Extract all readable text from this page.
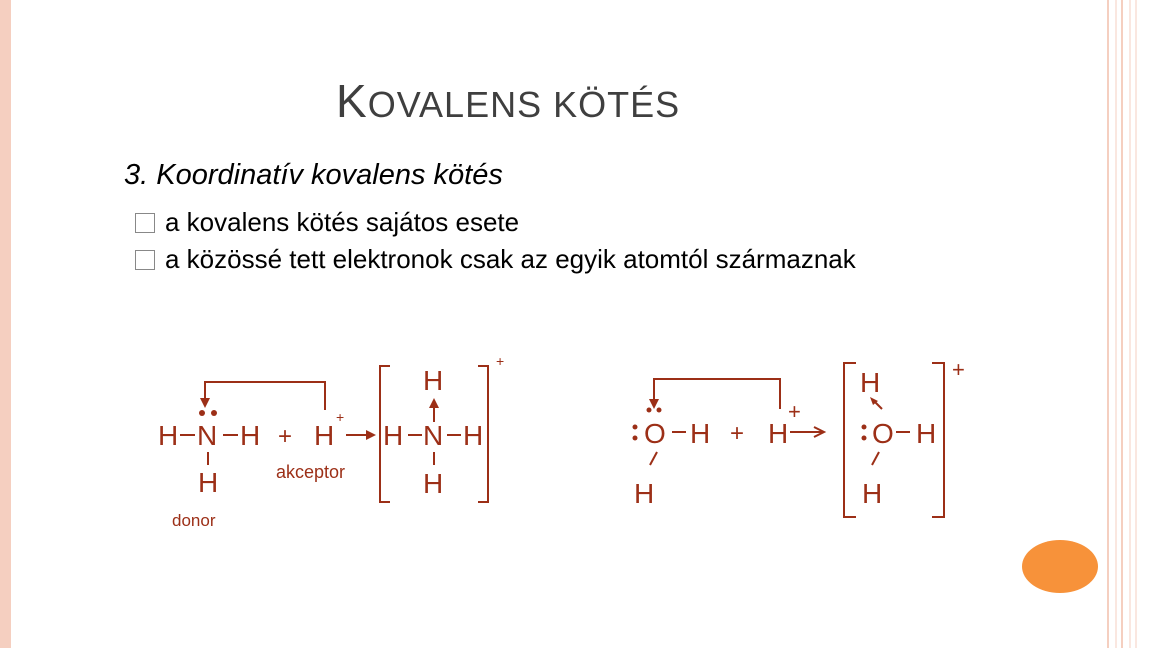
KOVALENS KÖTÉS
3. Koordinatív kovalens kötés
a kovalens kötés sajátos esete
a közössé tett elektronok csak az egyik atomtól származnak
H N H
H
+ H
+
akceptor
donor
H
H N H
H
+
O H
H
+ H
+
H
O H
H
+
